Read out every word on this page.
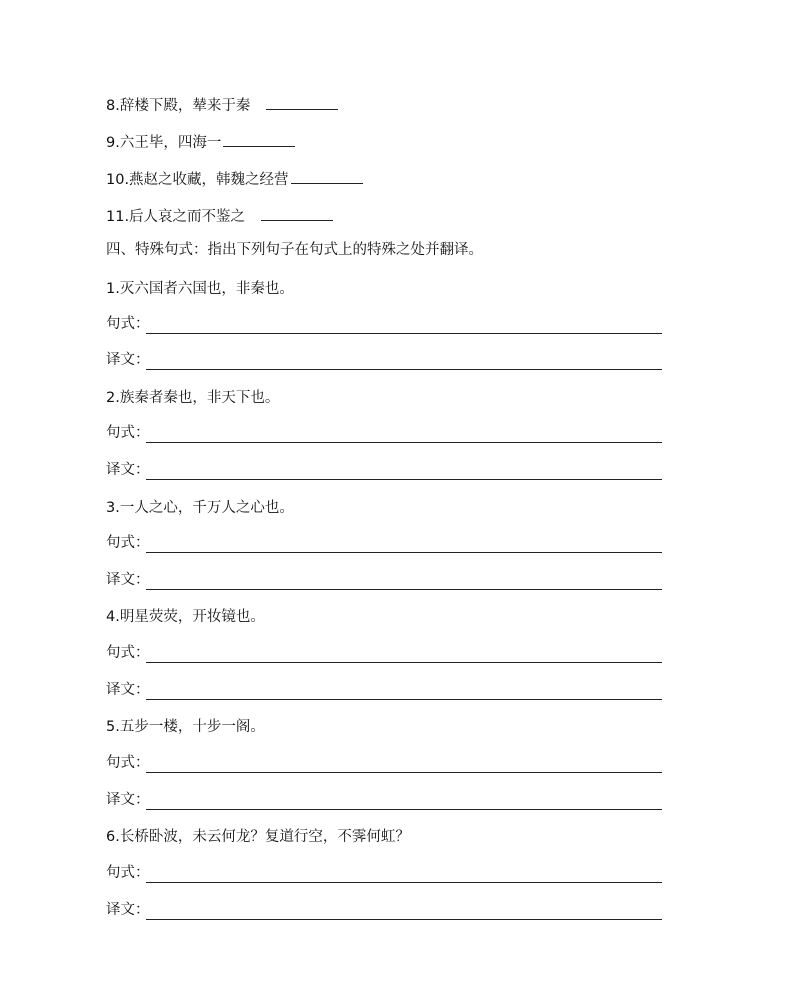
8.辞楼下殿，辇来于秦
9.六王毕，四海一
10.燕赵之收藏，韩魏之经营
11.后人哀之而不鉴之
四、特殊句式：指出下列句子在句式上的特殊之处并翻译。
1.灭六国者六国也，非秦也。
句式：
译文：
2.族秦者秦也，非天下也。
句式：
译文：
3.一人之心，千万人之心也。
句式：
译文：
4.明星荧荧，开妆镜也。
句式：
译文：
5.五步一楼，十步一阁。
句式：
译文：
6.长桥卧波，未云何龙？复道行空，不霁何虹？
句式：
译文：
